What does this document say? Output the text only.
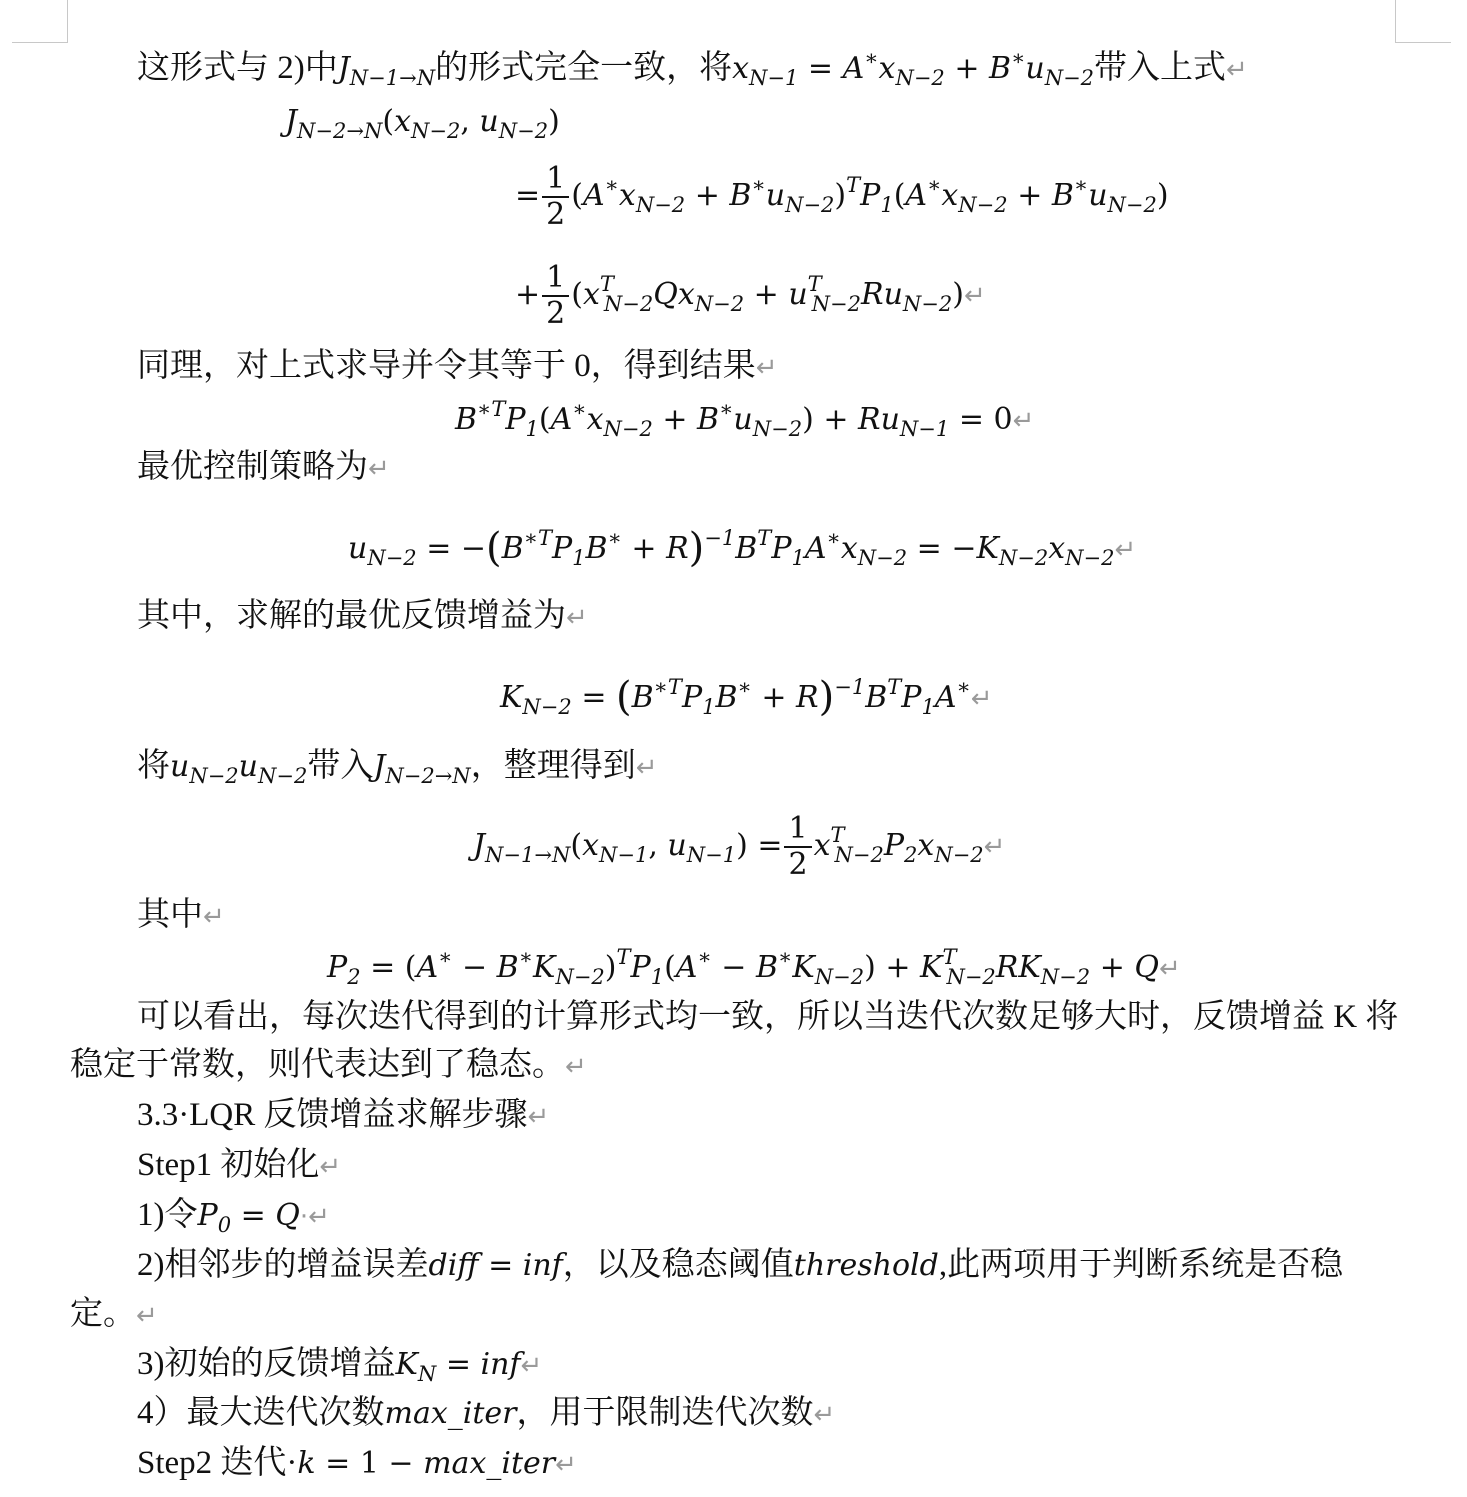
这形式与 2)中$J_{N-1\to N}$的形式完全一致，将$x_{N-1} = A^∗x_{N-2} + B^∗u_{N-2}$带入上式↵
$J_{N-2\to N}(x_{N-2}$, $u_{N-2}$)
= $\frac{1}{2} (A^∗x_{N-2} + B^∗u_{N-2})^TP_1(A^∗x_{N-2} + B^∗u_{N-2})$
+ $\frac{1}{2} (x^T_{N-2}Qx_{N-2}$ + $u^T_{N-2}Ru_{N-2})↵$
同理，对上式求导并令其等于 0，得到结果↵
$B^{∗T}P_1(A^∗x_{N-2} + B^∗u_{N-2}) + Ru_{N-1}$ = 0↵
最优控制策略为↵
$u_{N-2} = -(B^{∗T}P_1B^∗ + R)^{-1}B^TP_1A^∗x_{N-2}$ = $-K_{N-2}x_{N-2}↵$
其中，求解的最优反馈增益为↵
$K_{N-2} = (B^{∗T}P_1B^∗$ + $R)^{-1}B^TP_1A^∗↵$
将$u_{N-2}u_{N-2}$带入$J_{N-2\to N}$，整理得到↵
$J_{N-1\to N}(x_{N-1}$, $u_{N-1}) = \frac{1}{2}$ $x^T_{N-2}P_2x_{N-2}↵$
其中↵
$P_2 = (A^∗ - B^∗K_{N-2})^TP_1(A^∗ - B^∗K_{N-2}) + K^T_{N-2}RK_{N-2}$ + Q↵
可以看出，每次迭代得到的计算形式均一致，所以当迭代次数足够大时，反馈增益 K 将
稳定于常数，则代表达到了稳态。↵
3.3·LQR 反馈增益求解步骤↵
Step1 初始化↵
1)令$P_0$ = Q·↵
2)相邻步的增益误差diff = inf，以及稳态阈值threshold,此两项用于判断系统是否稳
定。↵
3)初始的反馈增益$K_N$ = inf↵
4）最大迭代次数max_iter，用于限制迭代次数↵
Step2 迭代·k = 1 − max_iter↵
